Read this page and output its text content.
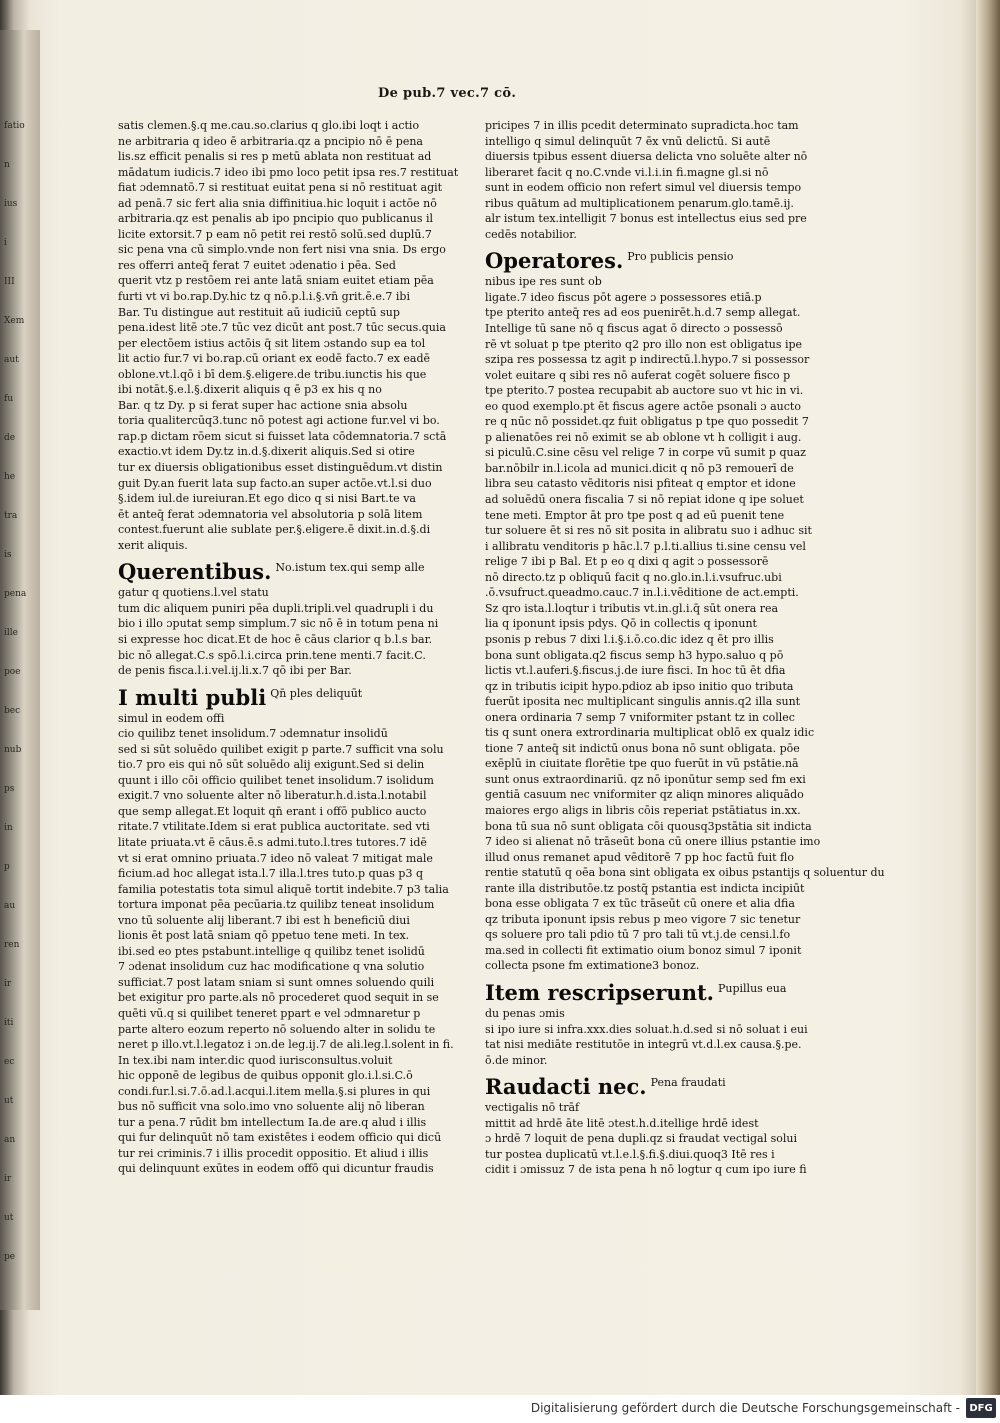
fatio
n
ius
i
III
Xem
aut
fu
de
he
tra
is
pena
ille
poe
bec
nub
ps
in
p
au
ren
ir
iti
ec
ut
an
ir
ut
pe
De pub.7 vec.7 cō.
satis clemen.§.q me.cau.so.clarius q glo.ibi loqt i actio
ne arbitraria q ideo ē arbitraria.qz a pncipio nō ē pena
lis.sz efficit penalis si res p metū ablata non restituat ad
mādatum iudicis.7 ideo ibi pmo loco petit ipsa res.7 restituat
fiat ɔdemnatō.7 si restituat euitat pena si nō restituat agit
ad penā.7 sic fert alia snia diffinitiua.hic loquit i actōe nō
arbitraria.qz est penalis ab ipo pncipio quo publicanus il
licite extorsit.7 p eam nō petit rei restō solū.sed duplū.7
sic pena vna cū simplo.vnde non fert nisi vna snia. Ds ergo
res offerri anteq̄ ferat 7 euitet ɔdenatio i pēa. Sed
querit vtz p restōem rei ante latā sniam euitet etiam pēa
furti vt vi bo.rap.Dy.hic tz q nō.p.l.i.§.vn̄ grit.ē.e.7 ibi
Bar. Tu distingue aut restituit aū iudiciū ceptū sup
pena.idest litē ɔte.7 tūc vez dicūt ant post.7 tūc secus.quia
per electōem istius actōis q̄ sit litem ɔstando sup ea tol
lit actio fur.7 vi bo.rap.cū oriant ex eodē facto.7 ex eadē
oblone.vt.l.qō i bī dem.§.eligere.de tribu.iunctis his que
ibi notāt.§.e.l.§.dixerit aliquis q ē p3 ex his q no
Bar. q tz Dy. p si ferat super hac actione snia absolu
toria qualitercūq3.tunc nō potest agi actione fur.vel vi bo.
rap.p dictam rōem sicut si fuisset lata cōdemnatoria.7 sctā
exactio.vt idem Dy.tz in.d.§.dixerit aliquis.Sed si otire
tur ex diuersis obligationibus esset distinguēdum.vt distin
guit Dy.an fuerit lata sup facto.an super actōe.vt.l.si duo
§.idem iul.de iureiuran.Et ego dico q si nisi Bart.te va
ēt anteq̄ ferat ɔdemnatoria vel absolutoria p solā litem
contest.fuerunt alie sublate per.§.eligere.ē dixit.in.d.§.di
xerit aliquis.
Querentibus. No.istum tex.qui semp alle
gatur q quotiens.l.vel statu
tum dic aliquem puniri pēa dupli.tripli.vel quadrupli i du
bio i illo ɔputat semp simplum.7 sic nō ē in totum pena ni
si expresse hoc dicat.Et de hoc ē cāus clarior q b.l.s bar.
bic nō allegat.C.s spō.l.i.circa prin.tene menti.7 facit.C.
de penis fisca.l.i.vel.ij.li.x.7 qō ibi per Bar.
I multi publi Qn̄ ples deliquūt
simul in eodem offi
cio quilibz tenet insolidum.7 ɔdemnatur insolidū
sed si sūt soluēdo quilibet exigit p parte.7 sufficit vna solu
tio.7 pro eis qui nō sūt soluēdo alij exigunt.Sed si delin
quunt i illo cōi officio quilibet tenet insolidum.7 isolidum
exigit.7 vno soluente alter nō liberatur.h.d.ista.l.notabil
que semp allegat.Et loquit qn̄ erant i offō publico aucto
ritate.7 vtilitate.Idem si erat publica auctoritate. sed vti
litate priuata.vt ē cāus.ē.s admi.tuto.l.tres tutores.7 idē
vt si erat omnino priuata.7 ideo nō valeat 7 mitigat male
ficium.ad hoc allegat ista.l.7 illa.l.tres tuto.p quas p3 q
familia potestatis tota simul aliquē tortit indebite.7 p3 talia
tortura imponat pēa pecūaria.tz quilibz teneat insolidum
vno tū soluente alij liberant.7 ibi est h beneficiū diui
lionis ēt post latā sniam qō ppetuo tene meti. In tex.
ibi.sed eo ptes pstabunt.intellige q quilibz tenet isolidū
7 ɔdenat insolidum cuz hac modificatione q vna solutio
sufficiat.7 post latam sniam si sunt omnes soluendo quili
bet exigitur pro parte.als nō procederet quod sequit in se
quēti vū.q si quilibet teneret ppart e vel ɔdmnaretur p
parte altero eozum reperto nō soluendo alter in solidu te
neret p illo.vt.l.legatoz i ɔn.de leg.ij.7 de ali.leg.l.solent in fi.
In tex.ibi nam inter.dic quod iurisconsultus.voluit
hic opponē de legibus de quibus opponit glo.i.l.si.C.ō
condi.fur.l.si.7.ō.ad.l.acqui.l.item mella.§.si plures in qui
bus nō sufficit vna solo.imo vno soluente alij nō liberan
tur a pena.7 rūdit bm intellectum Ia.de are.q alud i illis
qui fur delinquūt nō tam existētes i eodem officio qui dicū
tur rei criminis.7 i illis procedit oppositio. Et aliud i illis
qui delinquunt exūtes in eodem offō qui dicuntur fraudis
pricipes 7 in illis pcedit determinato supradicta.hoc tam
intelligo q simul delinquūt 7 ēx vnū delictū. Si autē
diuersis tpibus essent diuersa delicta vno soluēte alter nō
liberaret facit q no.C.vnde vi.l.i.in fi.magne gl.si nō
sunt in eodem officio non refert simul vel diuersis tempo
ribus quātum ad multiplicationem penarum.glo.tamē.ij.
alr istum tex.intelligit 7 bonus est intellectus eius sed pre
cedēs notabilior.
Operatores. Pro publicis pensio
nibus ipe res sunt ob
ligate.7 ideo fiscus pōt agere ɔ possessores etiā.p
tpe pterito anteq̄ res ad eos puenirēt.h.d.7 semp allegat.
Intellige tū sane nō q fiscus agat ō directo ɔ possessō
rē vt soluat p tpe pterito q2 pro illo non est obligatus ipe
szipa res possessa tz agit p indirectū.l.hypo.7 si possessor
volet euitare q sibi res nō auferat cogēt soluere fisco p
tpe pterito.7 postea recupabit ab auctore suo vt hic in vi.
eo quod exemplo.pt ēt fiscus agere actōe psonali ɔ aucto
re q nūc nō possidet.qz fuit obligatus p tpe quo possedit 7
p alienatōes rei nō eximit se ab oblone vt h colligit i aug.
si piculū.C.sine cēsu vel relige 7 in corpe vū sumit p quaz
bar.nōbilr in.l.icola ad munici.dicit q nō p3 remouerī de
libra seu catasto vēditoris nisi pfiteat q emptor et idone
ad soluēdū onera fiscalia 7 si nō repiat idone q ipe soluet
tene meti. Emptor āt pro tpe post q ad eū puenit tene
tur soluere ēt si res nō sit posita in alibratu suo i adhuc sit
i allibratu venditoris p hāc.l.7 p.l.ti.allius ti.sine censu vel
relige 7 ibi p Bal. Et p eo q dixi q agit ɔ possessorē
nō directo.tz p obliquū facit q no.glo.in.l.i.vsufruc.ubi
.ō.vsufruct.queadmo.cauc.7 in.l.i.vēditione de act.empti.
Sz qro ista.l.loqtur i tributis vt.in.gl.i.q̄ sūt onera rea
lia q iponunt ipsis pdys. Qō in collectis q iponunt
psonis p rebus 7 dixi l.i.§.i.ō.co.dic idez q ēt pro illis
bona sunt obligata.q2 fiscus semp h3 hypo.saluo q pō
lictis vt.l.auferi.§.fiscus.j.de iure fisci. In hoc tū ēt dfia
qz in tributis icipit hypo.pdioz ab ipso initio quo tributa
fuerūt iposita nec multiplicant singulis annis.q2 illa sunt
onera ordinaria 7 semp 7 vniformiter pstant tz in collec
tis q sunt onera extrordinaria multiplicat oblō ex qualz idic
tione 7 anteq̄ sit indictū onus bona nō sunt obligata. pōe
exēplū in ciuitate florētie tpe quo fuerūt in vū pstātie.nā
sunt onus extraordinariū. qz nō iponūtur semp sed fm exi
gentiā casuum nec vniformiter qz aliqn minores aliquādo
maiores ergo aligs in libris cōis reperiat pstātiatus in.xx.
bona tū sua nō sunt obligata cōi quousq3pstātia sit indicta
7 ideo si alienat nō trāseūt bona cū onere illius pstantie imo
illud onus remanet apud vēditorē 7 pp hoc factū fuit flo
rentie statutū q oēa bona sint obligata ex oibus pstantijs q soluentur du
rante illa distributōe.tz postq̄ pstantia est indicta incipiūt
bona esse obligata 7 ex tūc trāseūt cū onere et alia dfia
qz tributa iponunt ipsis rebus p meo vigore 7 sic tenetur
qs soluere pro tali pdio tū 7 pro tali tū vt.j.de censi.l.fo
ma.sed in collecti fit extimatio oium bonoz simul 7 iponit
collecta psone fm extimatione3 bonoz.
Item rescripserunt. Pupillus eua
du penas ɔmis
si ipo iure si infra.xxx.dies soluat.h.d.sed si nō soluat i eui
tat nisi mediāte restitutōe in integrū vt.d.l.ex causa.§.pe.
ō.de minor.
Raudacti nec. Pena fraudati
vectigalis nō trāf
mittit ad hrdē āte litē ɔtest.h.d.itellige hrdē idest
ɔ hrdē 7 loquit de pena dupli.qz si fraudat vectigal solui
tur postea duplicatū vt.l.e.l.§.fi.§.diui.quoq3 Itē res i
cidit i ɔmissuz 7 de ista pena h nō logtur q cum ipo iure fi
Digitalisierung gefördert durch die Deutsche Forschungsgemeinschaft - DFG
